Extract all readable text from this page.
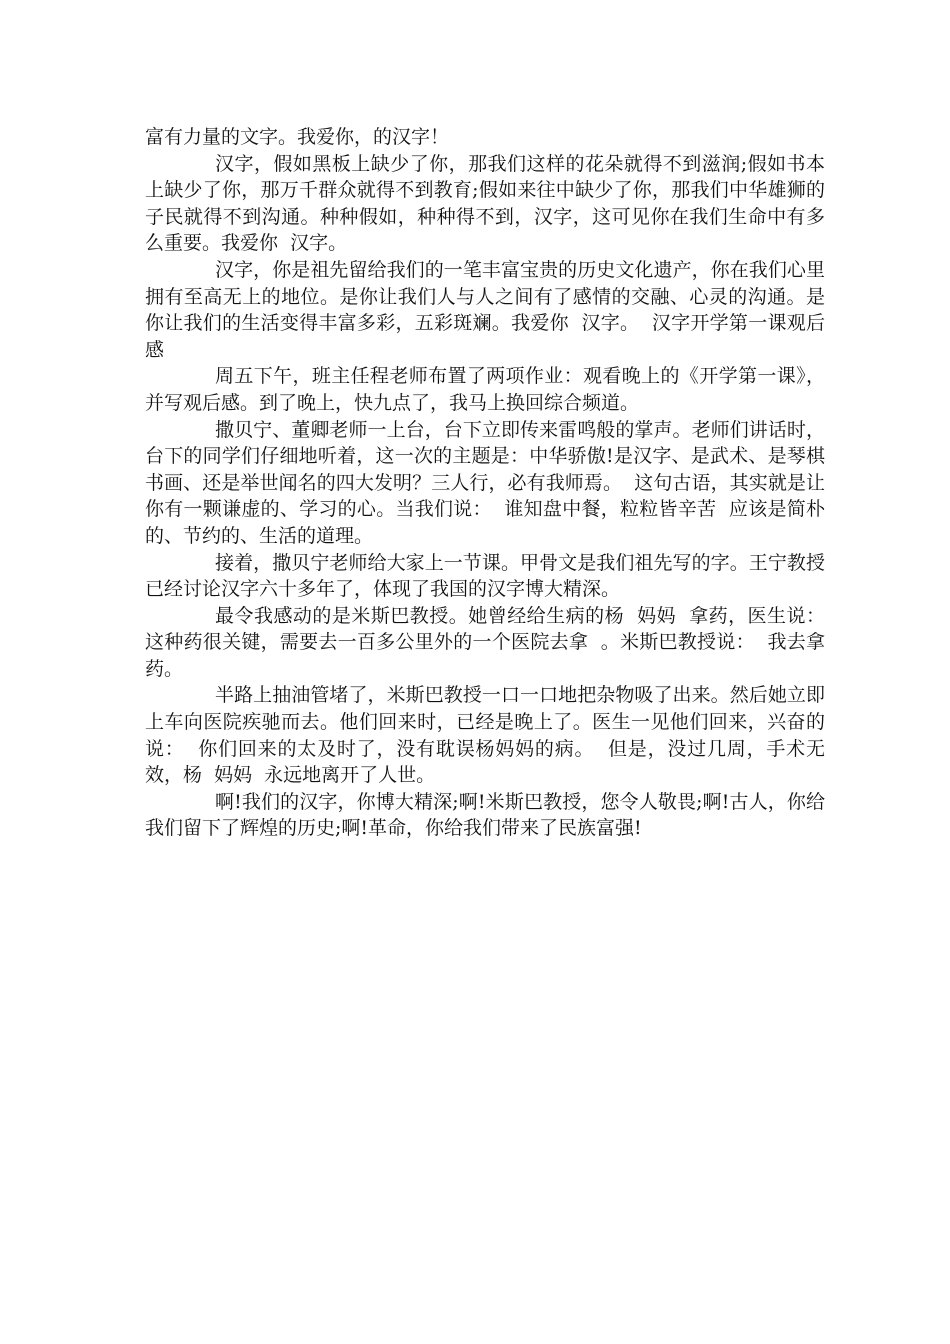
富有力量的文字。我爱你，的汉字！

汉字，假如黑板上缺少了你，那我们这样的花朵就得不到滋润;假如书本上缺少了你，那万千群众就得不到教育;假如来往中缺少了你，那我们中华雄狮的子民就得不到沟通。种种假如，种种得不到，汉字，这可见你在我们生命中有多么重要。我爱你  汉字。

汉字，你是祖先留给我们的一笔丰富宝贵的历史文化遗产，你在我们心里拥有至高无上的地位。是你让我们人与人之间有了感情的交融、心灵的沟通。是你让我们的生活变得丰富多彩，五彩斑斓。我爱你  汉字。  汉字开学第一课观后感

周五下午，班主任程老师布置了两项作业：观看晚上的《开学第一课》，并写观后感。到了晚上，快九点了，我马上换回综合频道。

撒贝宁、董卿老师一上台，台下立即传来雷鸣般的掌声。老师们讲话时，台下的同学们仔细地听着，这一次的主题是：中华骄傲!是汉字、是武术、是琴棋书画、还是举世闻名的四大发明？三人行，必有我师焉。  这句古语，其实就是让你有一颗谦虚的、学习的心。当我们说：  谁知盘中餐，粒粒皆辛苦  应该是简朴的、节约的、生活的道理。

接着，撒贝宁老师给大家上一节课。甲骨文是我们祖先写的字。王宁教授已经讨论汉字六十多年了，体现了我国的汉字博大精深。

最令我感动的是米斯巴教授。她曾经给生病的杨  妈妈  拿药，医生说：  这种药很关键，需要去一百多公里外的一个医院去拿  。米斯巴教授说：  我去拿药。

半路上抽油管堵了，米斯巴教授一口一口地把杂物吸了出来。然后她立即上车向医院疾驰而去。他们回来时，已经是晚上了。医生一见他们回来，兴奋的说：  你们回来的太及时了，没有耽误杨妈妈的病。  但是，没过几周，手术无效，杨  妈妈  永远地离开了人世。

啊!我们的汉字，你博大精深;啊!米斯巴教授，您令人敬畏;啊!古人，你给我们留下了辉煌的历史;啊!革命，你给我们带来了民族富强!
